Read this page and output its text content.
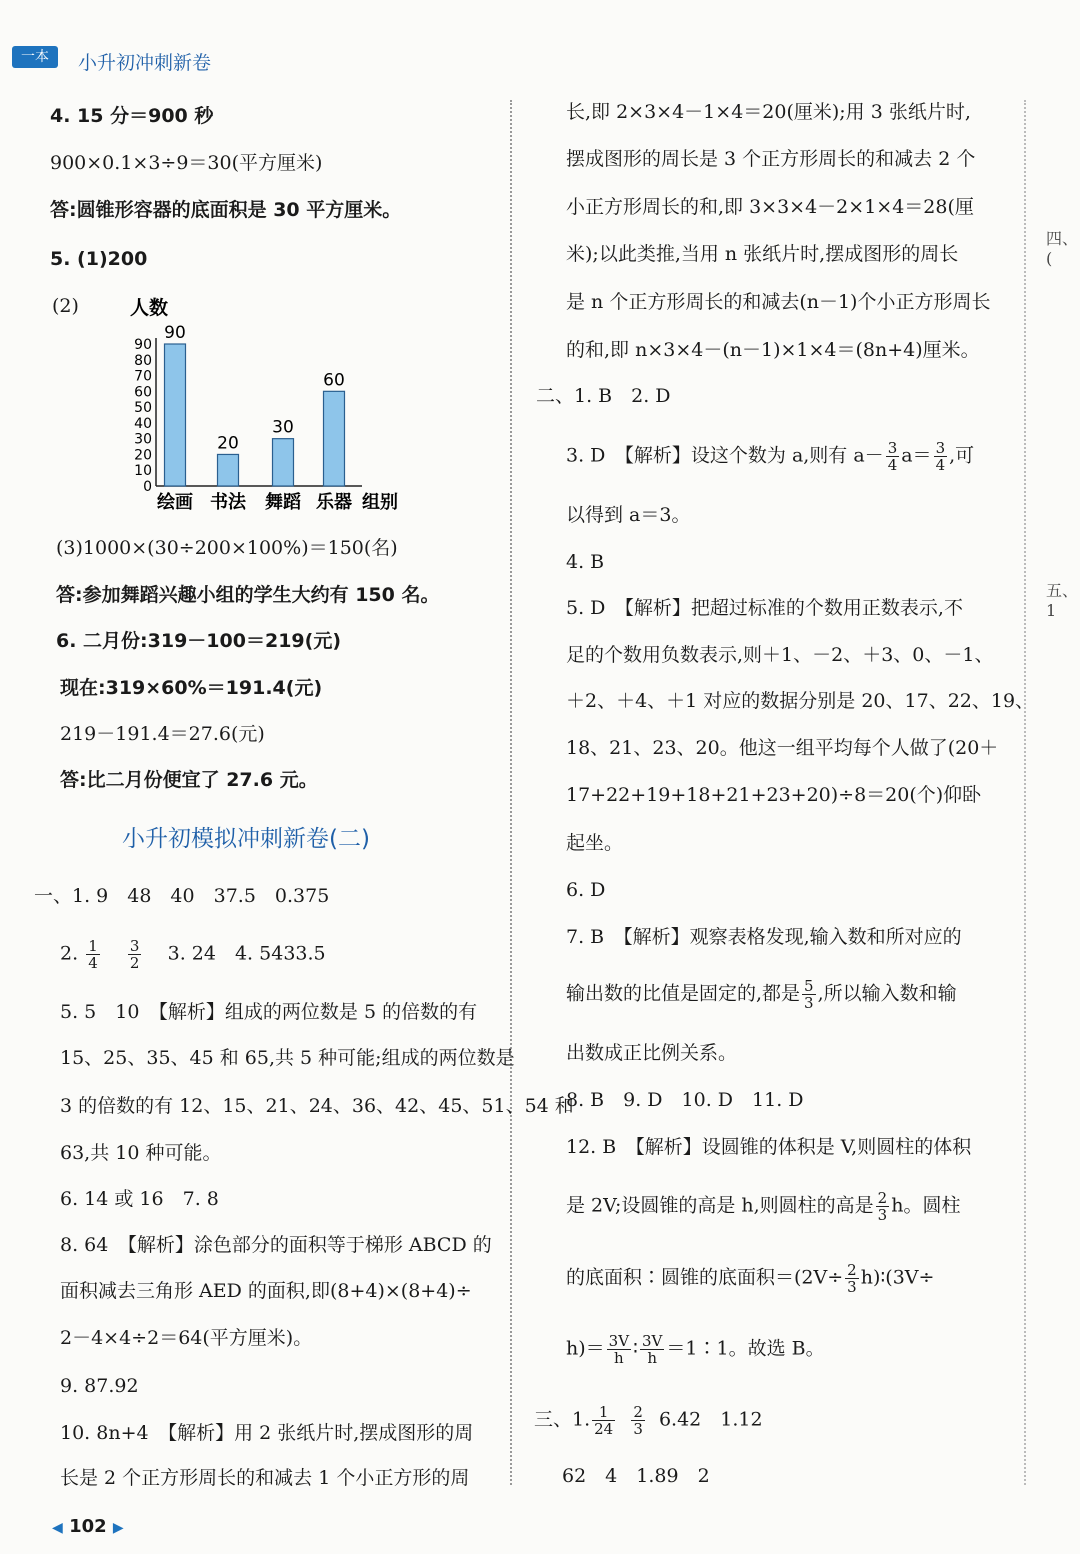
一本	小升初冲刺新卷
4. 15 分＝900 秒
900×0.1×3÷9＝30(平方厘米)
答:圆锥形容器的底面积是 30 平方厘米。
5. (1)200
(2)	人数
90
80
70
60
50
40
30
20
10
0
90
绘画
20
书法
30
舞蹈
60
乐器 组别
(3)1000×(30÷200×100%)＝150(名)
答:参加舞蹈兴趣小组的学生大约有 150 名。
6. 二月份:319－100＝219(元)
现在:319×60%＝191.4(元)
219－191.4＝27.6(元)
答:比二月份便宜了 27.6 元。
小升初模拟冲刺新卷(二)
一、1. 9　48　40　37.5　0.375
2. $\frac{1}{4}$
$\frac{3}{2} 3$. 24　4. 5433.5
5. 5　10　【解析】组成的两位数是 5 的倍数的有
15、25、35、45 和 65,共 5 种可能;组成的两位数是
3 的倍数的有 12、15、21、24、36、42、45、51、54 和
63,共 10 种可能。
6. 14 或 16　7. 8
8. 64　【解析】涂色部分的面积等于梯形 ABCD 的
面积减去三角形 AED 的面积,即(8+4)×(8+4)÷
2－4×4÷2＝64(平方厘米)。
9. 87.92
10. 8n+4　【解析】用 2 张纸片时,摆成图形的周
长是 2 个正方形周长的和减去 1 个小正方形的周
长,即 2×3×4－1×4＝20(厘米);用 3 张纸片时,
摆成图形的周长是 3 个正方形周长的和减去 2 个
小正方形周长的和,即 3×3×4－2×1×4＝28(厘
米);以此类推,当用 n 张纸片时,摆成图形的周长
是 n 个正方形周长的和减去(n－1)个小正方形周长
的和,即 n×3×4－(n－1)×1×4＝(8n+4)厘米。
二、1. B　2. D
3. D　【解析】设这个数为 a,则有 $a- \frac{3}{4} a= \frac{3}{4}$ ,可
以得到 a＝3。
4. B
5. D　【解析】把超过标准的个数用正数表示,不
足的个数用负数表示,则＋1、－2、＋3、0、－1、
＋2、＋4、＋1 对应的数据分别是 20、17、22、19、
18、21、23、20。他这一组平均每个人做了(20＋
17+22+19+18+21+23+20)÷8＝20(个)仰卧
起坐。
6. D
7. B　【解析】观察表格发现,输入数和所对应的
输出数的比值是固定的,都是 $\frac{5}{3}$ ,所以输入数和输
出数成正比例关系。
8. B　9. D　10. D　11. D
12. B　【解析】设圆锥的体积是 V,则圆柱的体积
是 2V;设圆锥的高是 h,则圆柱的高是 $\frac{2}{3}$ h。圆柱
的底面积∶圆锥的底面积$=(2V\div \frac{2}{3}$ h)∶(3V÷
$h)= \frac{3V}{h}$ ∶ $\frac{3V}{h}$ ＝1∶1。故选 B。
三、1. $\frac{1}{24}$
$\frac{2}{3} 6.42$　1.12
62　4　1.89　2
四、(
五、1
◀ 102 ▶
